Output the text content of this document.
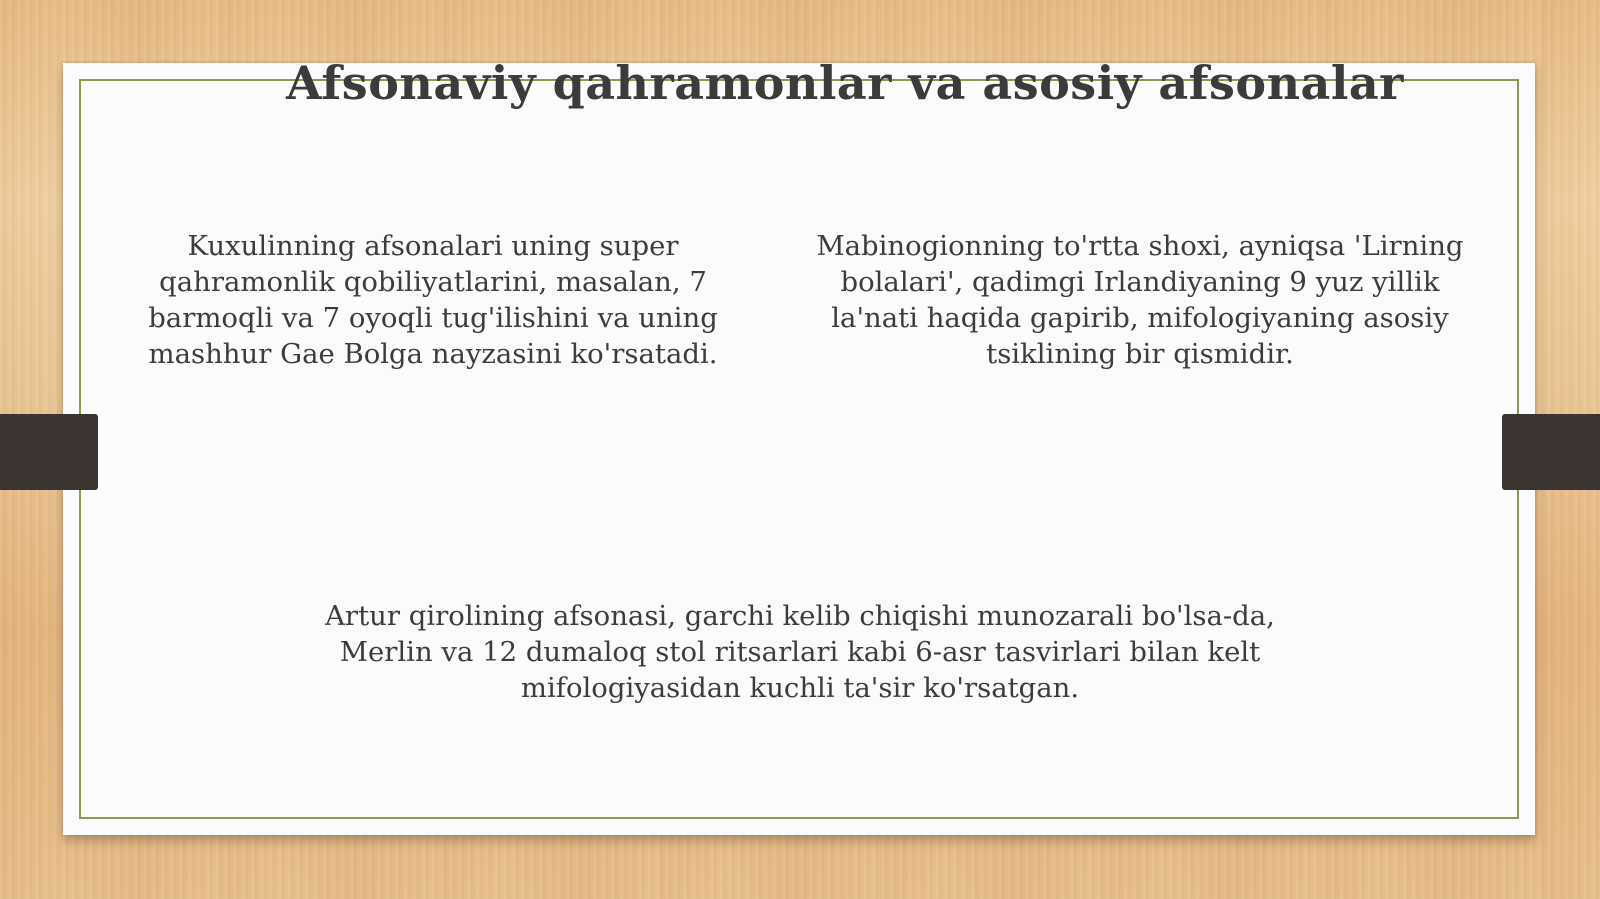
Afsonaviy qahramonlar va asosiy afsonalar

Kuxulinning afsonalari uning super qahramonlik qobiliyatlarini, masalan, 7 barmoqli va 7 oyoqli tug'ilishini va uning mashhur Gae Bolga nayzasini ko'rsatadi.

Mabinogionning to'rtta shoxi, ayniqsa 'Lirning bolalari', qadimgi Irlandiyaning 9 yuz yillik la'nati haqida gapirib, mifologiyaning asosiy tsiklining bir qismidir.

Artur qirolining afsonasi, garchi kelib chiqishi munozarali bo'lsa-da, Merlin va 12 dumaloq stol ritsarlari kabi 6-asr tasvirlari bilan kelt mifologiyasidan kuchli ta'sir ko'rsatgan.
